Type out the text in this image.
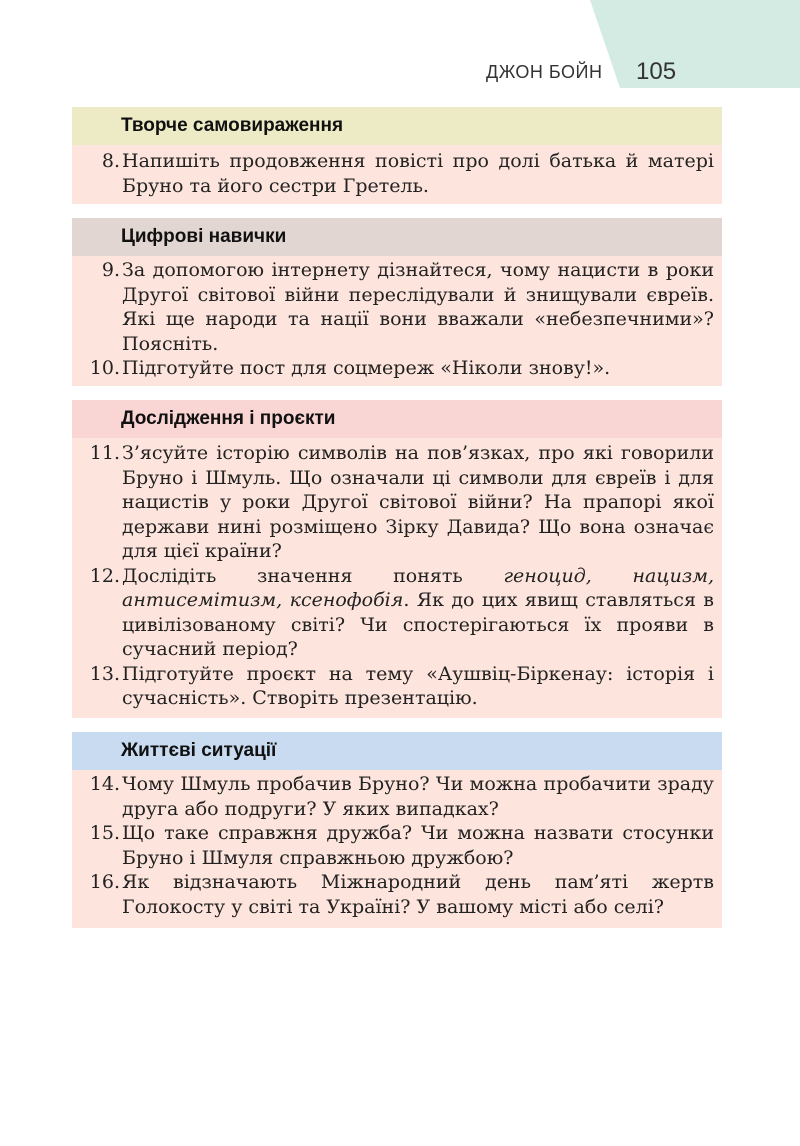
ДЖОН БОЙН 105
Творче самовираження
8. Напишіть продовження повісті про долі батька й матері Бруно та його сестри Гретель.
Цифрові навички
9. За допомогою інтернету дізнайтеся, чому нацисти в роки Другої світової війни переслідували й знищували євреїв. Які ще народи та нації вони вважали «небезпечними»? Поясніть.
10. Підготуйте пост для соцмереж «Ніколи знову!».
Дослідження і проєкти
11. З’ясуйте історію символів на пов’язках, про які говорили Бруно і Шмуль. Що означали ці символи для євреїв і для нацистів у роки Другої світової війни? На прапорі якої держави нині розміщено Зірку Давида? Що вона означає для цієї країни?
12. Дослідіть значення понять геноцид, нацизм, антисемітизм, ксенофобія. Як до цих явищ ставляться в цивілізованому світі? Чи спостерігаються їх прояви в сучасний період?
13. Підготуйте проєкт на тему «Аушвіц-Біркенау: історія і сучасність». Створіть презентацію.
Життєві ситуації
14. Чому Шмуль пробачив Бруно? Чи можна пробачити зраду друга або подруги? У яких випадках?
15. Що таке справжня дружба? Чи можна назвати стосунки Бруно і Шмуля справжньою дружбою?
16. Як відзначають Міжнародний день пам’яті жертв Голокосту у світі та Україні? У вашому місті або селі?
